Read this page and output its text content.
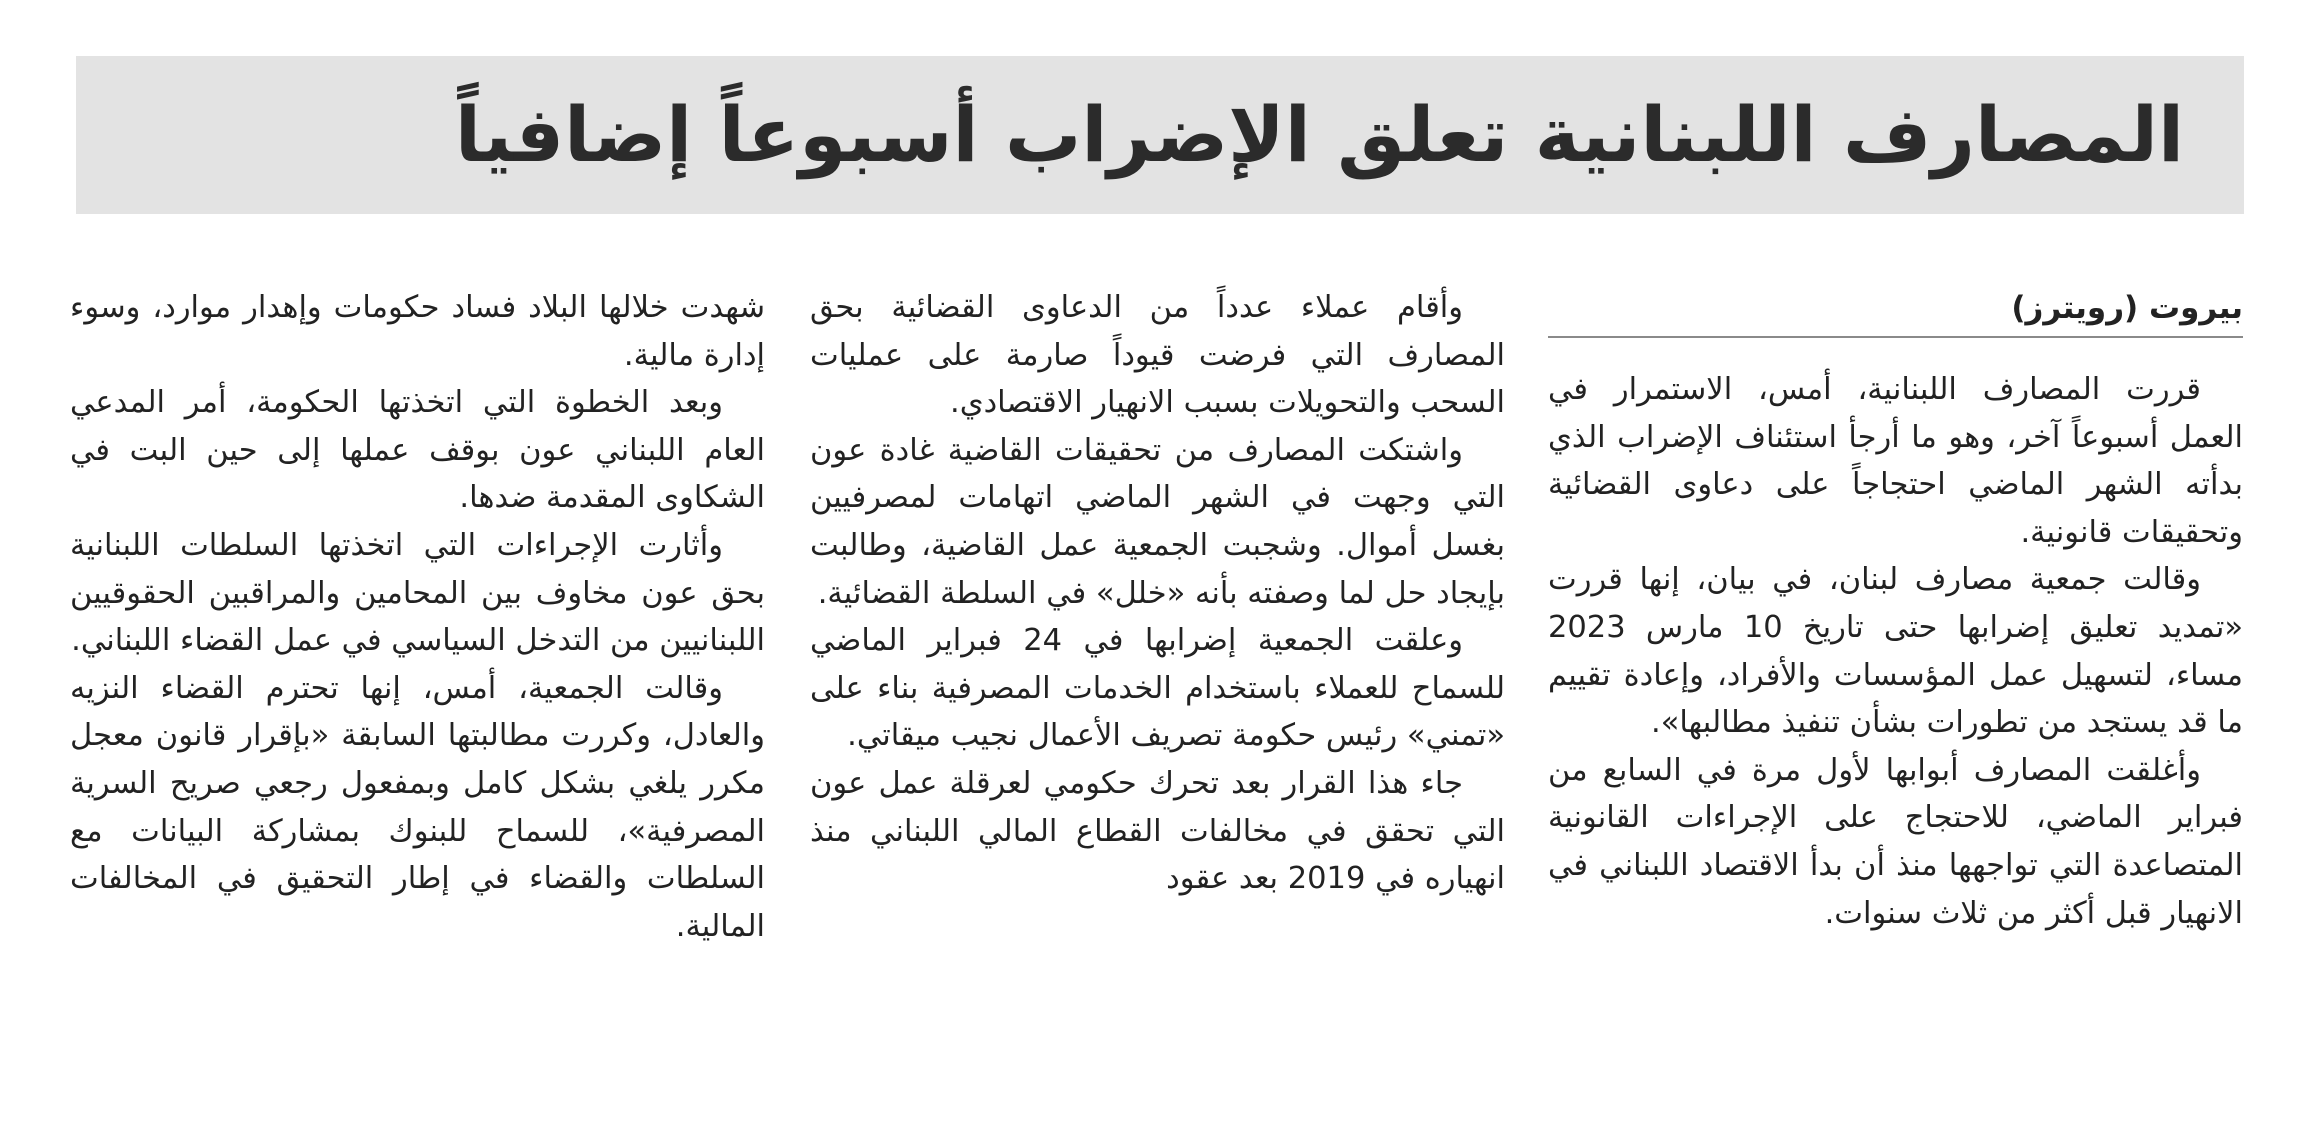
المصارف اللبنانية تعلق الإضراب أسبوعاً إضافياً
بيروت (رويترز)

قررت المصارف اللبنانية، أمس، الاستمرار في العمل أسبوعاً آخر، وهو ما أرجأ استئناف الإضراب الذي بدأته الشهر الماضي احتجاجاً على دعاوى القضائية وتحقيقات قانونية.

وقالت جمعية مصارف لبنان، في بيان، إنها قررت «تمديد تعليق إضرابها حتى تاريخ 10 مارس 2023 مساء، لتسهيل عمل المؤسسات والأفراد، وإعادة تقييم ما قد يستجد من تطورات بشأن تنفيذ مطالبها».

وأغلقت المصارف أبوابها لأول مرة في السابع من فبراير الماضي، للاحتجاج على الإجراءات القانونية المتصاعدة التي تواجهها منذ أن بدأ الاقتصاد اللبناني في الانهيار قبل أكثر من ثلاث سنوات.

وأقام عملاء عدداً من الدعاوى القضائية بحق المصارف التي فرضت قيوداً صارمة على عمليات السحب والتحويلات بسبب الانهيار الاقتصادي.

واشتكت المصارف من تحقيقات القاضية غادة عون التي وجهت في الشهر الماضي اتهامات لمصرفيين بغسل أموال. وشجبت الجمعية عمل القاضية، وطالبت بإيجاد حل لما وصفته بأنه «خلل» في السلطة القضائية.

وعلقت الجمعية إضرابها في 24 فبراير الماضي للسماح للعملاء باستخدام الخدمات المصرفية بناء على «تمني» رئيس حكومة تصريف الأعمال نجيب ميقاتي.

جاء هذا القرار بعد تحرك حكومي لعرقلة عمل عون التي تحقق في مخالفات القطاع المالي اللبناني منذ انهياره في 2019 بعد عقود

شهدت خلالها البلاد فساد حكومات وإهدار موارد، وسوء إدارة مالية.

وبعد الخطوة التي اتخذتها الحكومة، أمر المدعي العام اللبناني عون بوقف عملها إلى حين البت في الشكاوى المقدمة ضدها.

وأثارت الإجراءات التي اتخذتها السلطات اللبنانية بحق عون مخاوف بين المحامين والمراقبين الحقوقيين اللبنانيين من التدخل السياسي في عمل القضاء اللبناني.

وقالت الجمعية، أمس، إنها تحترم القضاء النزيه والعادل، وكررت مطالبتها السابقة «بإقرار قانون معجل مكرر يلغي بشكل كامل وبمفعول رجعي صريح السرية المصرفية»، للسماح للبنوك بمشاركة البيانات مع السلطات والقضاء في إطار التحقيق في المخالفات المالية.
